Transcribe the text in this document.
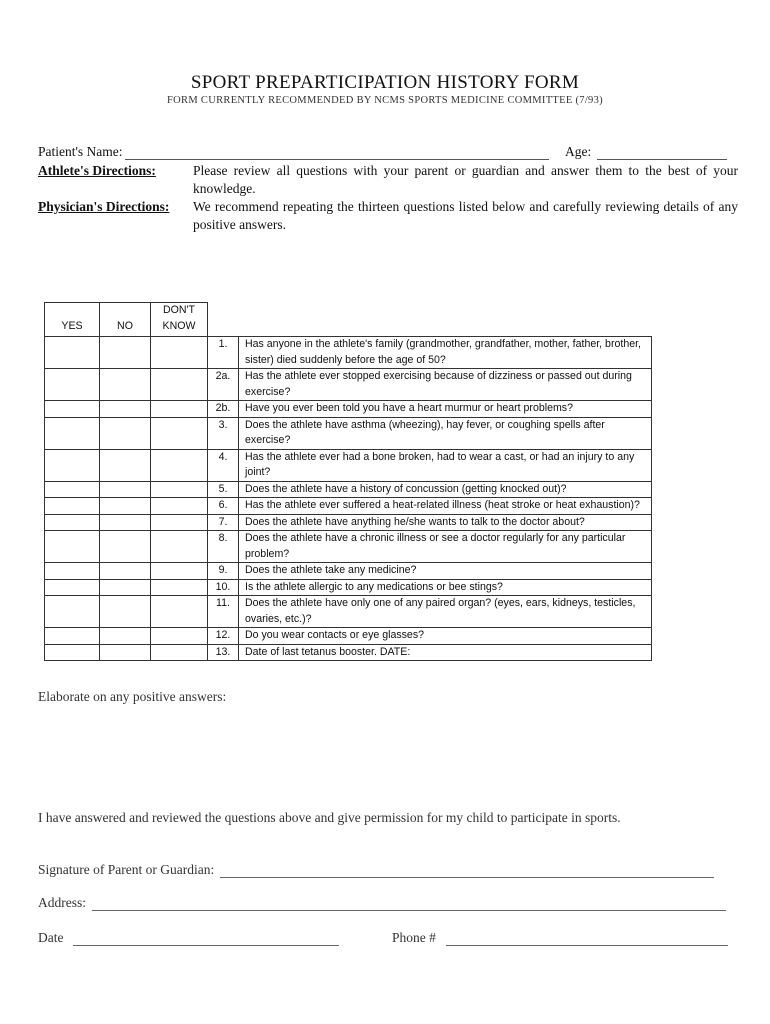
SPORT PREPARTICIPATION HISTORY FORM
FORM CURRENTLY RECOMMENDED BY NCMS SPORTS MEDICINE COMMITTEE (7/93)
Patient's Name:	Age:
Athlete's Directions:	Please review all questions with your parent or guardian and answer them to the best of your knowledge.
Physician's Directions:	We recommend repeating the thirteen questions listed below and carefully reviewing details of any positive answers.
YES	NO	DON'T KNOW		
			1.	Has anyone in the athlete's family (grandmother, grandfather, mother, father, brother, sister) died suddenly before the age of 50?
			2a.	Has the athlete ever stopped exercising because of dizziness or passed out during exercise?
			2b.	Have you ever been told you have a heart murmur or heart problems?
			3.	Does the athlete have asthma (wheezing), hay fever, or coughing spells after exercise?
			4.	Has the athlete ever had a bone broken, had to wear a cast, or had an injury to any joint?
			5.	Does the athlete have a history of concussion (getting knocked out)?
			6.	Has the athlete ever suffered a heat-related illness (heat stroke or heat exhaustion)?
			7.	Does the athlete have anything he/she wants to talk to the doctor about?
			8.	Does the athlete have a chronic illness or see a doctor regularly for any particular problem?
			9.	Does the athlete take any medicine?
			10.	Is the athlete allergic to any medications or bee stings?
			11.	Does the athlete have only one of any paired organ? (eyes, ears, kidneys, testicles, ovaries, etc.)?
			12.	Do you wear contacts or eye glasses?
			13.	Date of last tetanus booster. DATE:
Elaborate on any positive answers:
I have answered and reviewed the questions above and give permission for my child to participate in sports.
Signature of Parent or Guardian:
Address:
Date	Phone #
